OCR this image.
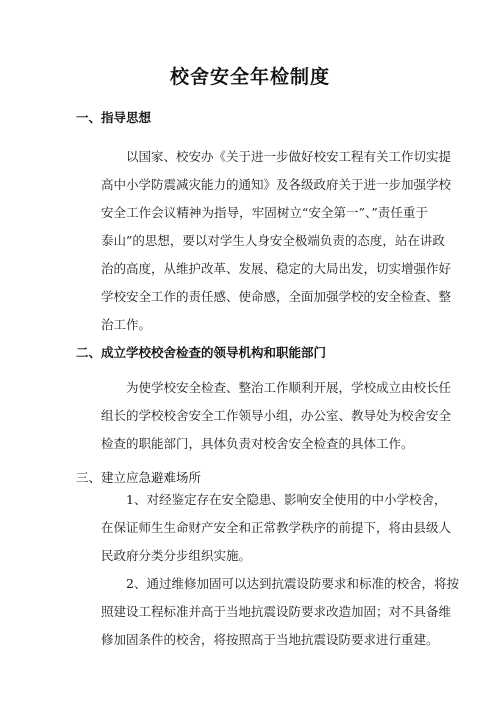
校舍安全年检制度
一、指导思想

以国家、校安办《关于进一步做好校安工程有关工作切实提
高中小学防震减灾能力的通知》及各级政府关于进一步加强学校
安全工作会议精神为指导，牢固树立“安全第一”、”责任重于
泰山”的思想，要以对学生人身安全极端负责的态度，站在讲政
治的高度，从维护改革、发展、稳定的大局出发，切实增强作好
学校安全工作的责任感、使命感，全面加强学校的安全检查、整
治工作。

二、成立学校校舍检查的领导机构和职能部门

为使学校安全检查、整治工作顺利开展，学校成立由校长任
组长的学校校舍安全工作领导小组，办公室、教导处为校舍安全
检查的职能部门，具体负责对校舍安全检查的具体工作。

三、建立应急避难场所

1、对经鉴定存在安全隐患、影响安全使用的中小学校舍，
在保证师生生命财产安全和正常教学秩序的前提下，将由县级人
民政府分类分步组织实施。

2、通过维修加固可以达到抗震设防要求和标准的校舍，将按
照建设工程标准并高于当地抗震设防要求改造加固；对不具备维
修加固条件的校舍，将按照高于当地抗震设防要求进行重建。
